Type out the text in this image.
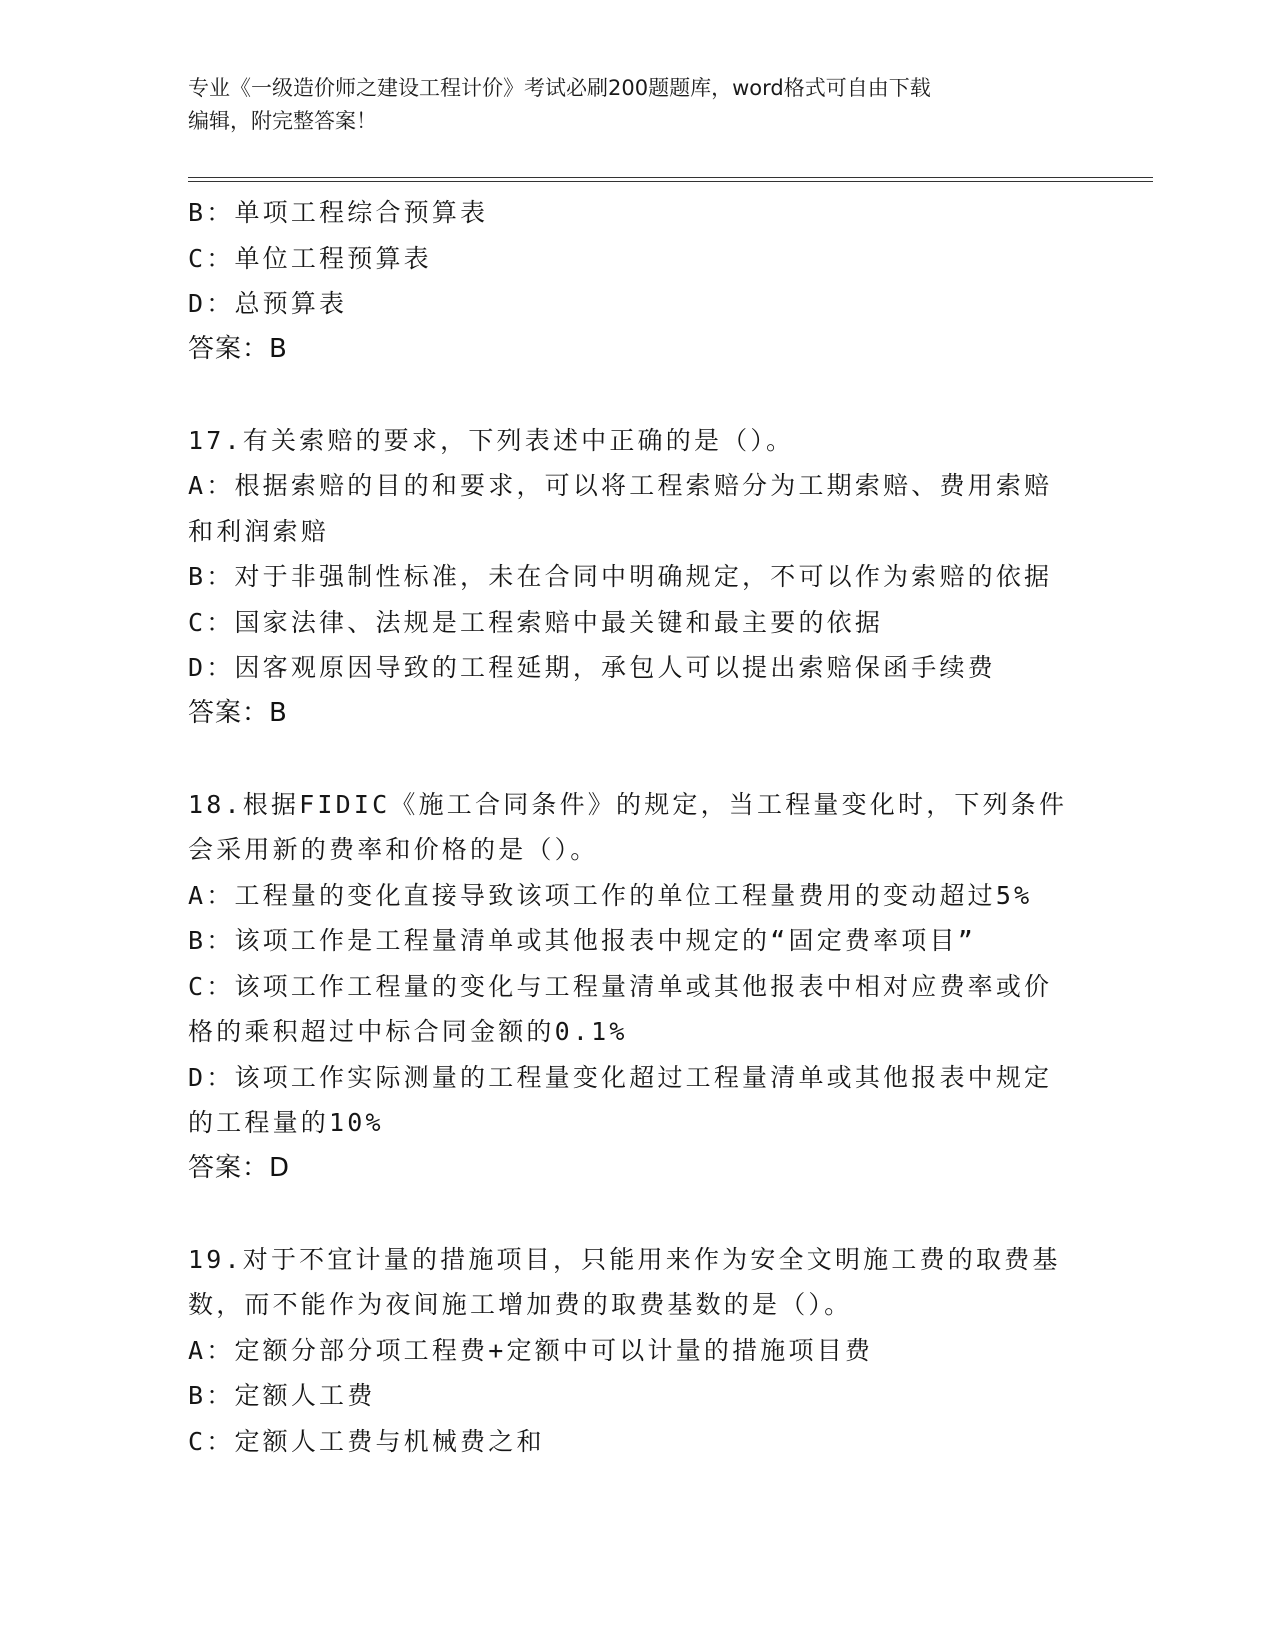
专业《一级造价师之建设工程计价》考试必刷200题题库，word格式可自由下载
编辑，附完整答案！
B：单项工程综合预算表
C：单位工程预算表
D：总预算表
答案：B
17.有关索赔的要求，下列表述中正确的是（）。
A：根据索赔的目的和要求，可以将工程索赔分为工期索赔、费用索赔
和利润索赔
B：对于非强制性标准，未在合同中明确规定，不可以作为索赔的依据
C：国家法律、法规是工程索赔中最关键和最主要的依据
D：因客观原因导致的工程延期，承包人可以提出索赔保函手续费
答案：B
18.根据FIDIC《施工合同条件》的规定，当工程量变化时，下列条件
会采用新的费率和价格的是（）。
A：工程量的变化直接导致该项工作的单位工程量费用的变动超过5%
B：该项工作是工程量清单或其他报表中规定的“固定费率项目”
C：该项工作工程量的变化与工程量清单或其他报表中相对应费率或价
格的乘积超过中标合同金额的0.1%
D：该项工作实际测量的工程量变化超过工程量清单或其他报表中规定
的工程量的10%
答案：D
19.对于不宜计量的措施项目，只能用来作为安全文明施工费的取费基
数，而不能作为夜间施工增加费的取费基数的是（）。
A：定额分部分项工程费+定额中可以计量的措施项目费
B：定额人工费
C：定额人工费与机械费之和
